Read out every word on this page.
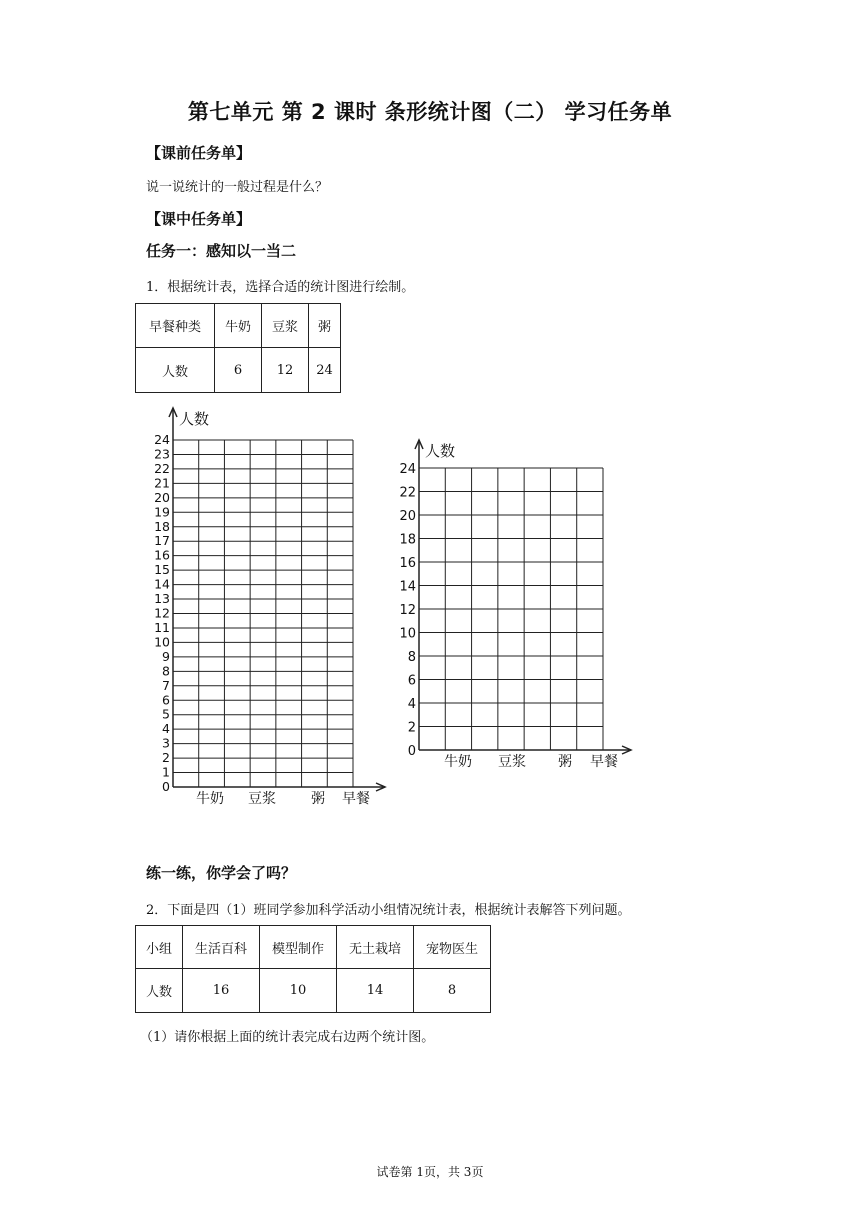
第七单元 第 2 课时 条形统计图（二） 学习任务单
【课前任务单】
说一说统计的一般过程是什么？
【课中任务单】
任务一：感知以一当二
1．根据统计表，选择合适的统计图进行绘制。
早餐种类	牛奶	豆浆	粥
人数	6	12	24
0
1
2
3
4
5
6
7
8
9
10
11
12
13
14
15
16
17
18
19
20
21
22
23
24
人数
牛奶 豆浆	粥 早餐
0
2
4
6
8
10
12
14
16
18
20
22
24
人数
牛奶 豆浆 粥 早餐
练一练，你学会了吗？
2．下面是四（1）班同学参加科学活动小组情况统计表，根据统计表解答下列问题。
小组	生活百科	模型制作	无土栽培	宠物医生
人数	16	10	14	8
（1）请你根据上面的统计表完成右边两个统计图。
试卷第 1页，共 3页
